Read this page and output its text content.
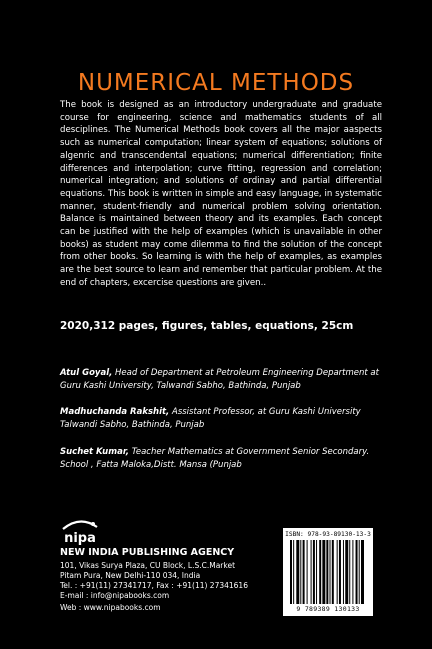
NUMERICAL METHODS

The book is designed as an introductory undergraduate and graduate course for engineering, science and mathematics students of all desciplines. The Numerical Methods book covers all the major aaspects such as numerical computation; linear system of equations; solutions of algenric and transcendental equations; numerical differentiation; finite differences and interpolation; curve fitting, regression and correlation; numerical integration; and solutions of ordinay and partial differential equations. This book is written in simple and easy language, in systematic manner, student-friendly and numerical problem solving orientation. Balance is maintained between theory and its examples. Each concept can be justified with the help of examples (which is unavailable in other books) as student may come dilemma to find the solution of the concept from other books. So learning is with the help of examples, as examples are the best source to learn and remember that particular problem. At the end of chapters, excercise questions are given..

2020,312 pages, figures, tables, equations, 25cm

Atul Goyal, Head of Department at Petroleum Engineering Department at Guru Kashi University, Talwandi Sabho, Bathinda, Punjab

Madhuchanda Rakshit, Assistant Professor, at Guru Kashi University Talwandi Sabho, Bathinda, Punjab

Suchet Kumar, Teacher Mathematics at Government Senior Secondary. School , Fatta Maloka,Distt. Mansa (Punjab

nipa
NEW INDIA PUBLISHING AGENCY
101, Vikas Surya Plaza, CU Block, L.S.C.Market
Pitam Pura, New Delhi-110 034, India
Tel. : +91(11) 27341717, Fax : +91(11) 27341616
E-mail : info@nipabooks.com
Web : www.nipabooks.com
ISBN: 978-93-89130-13-3
9 789389 130133
